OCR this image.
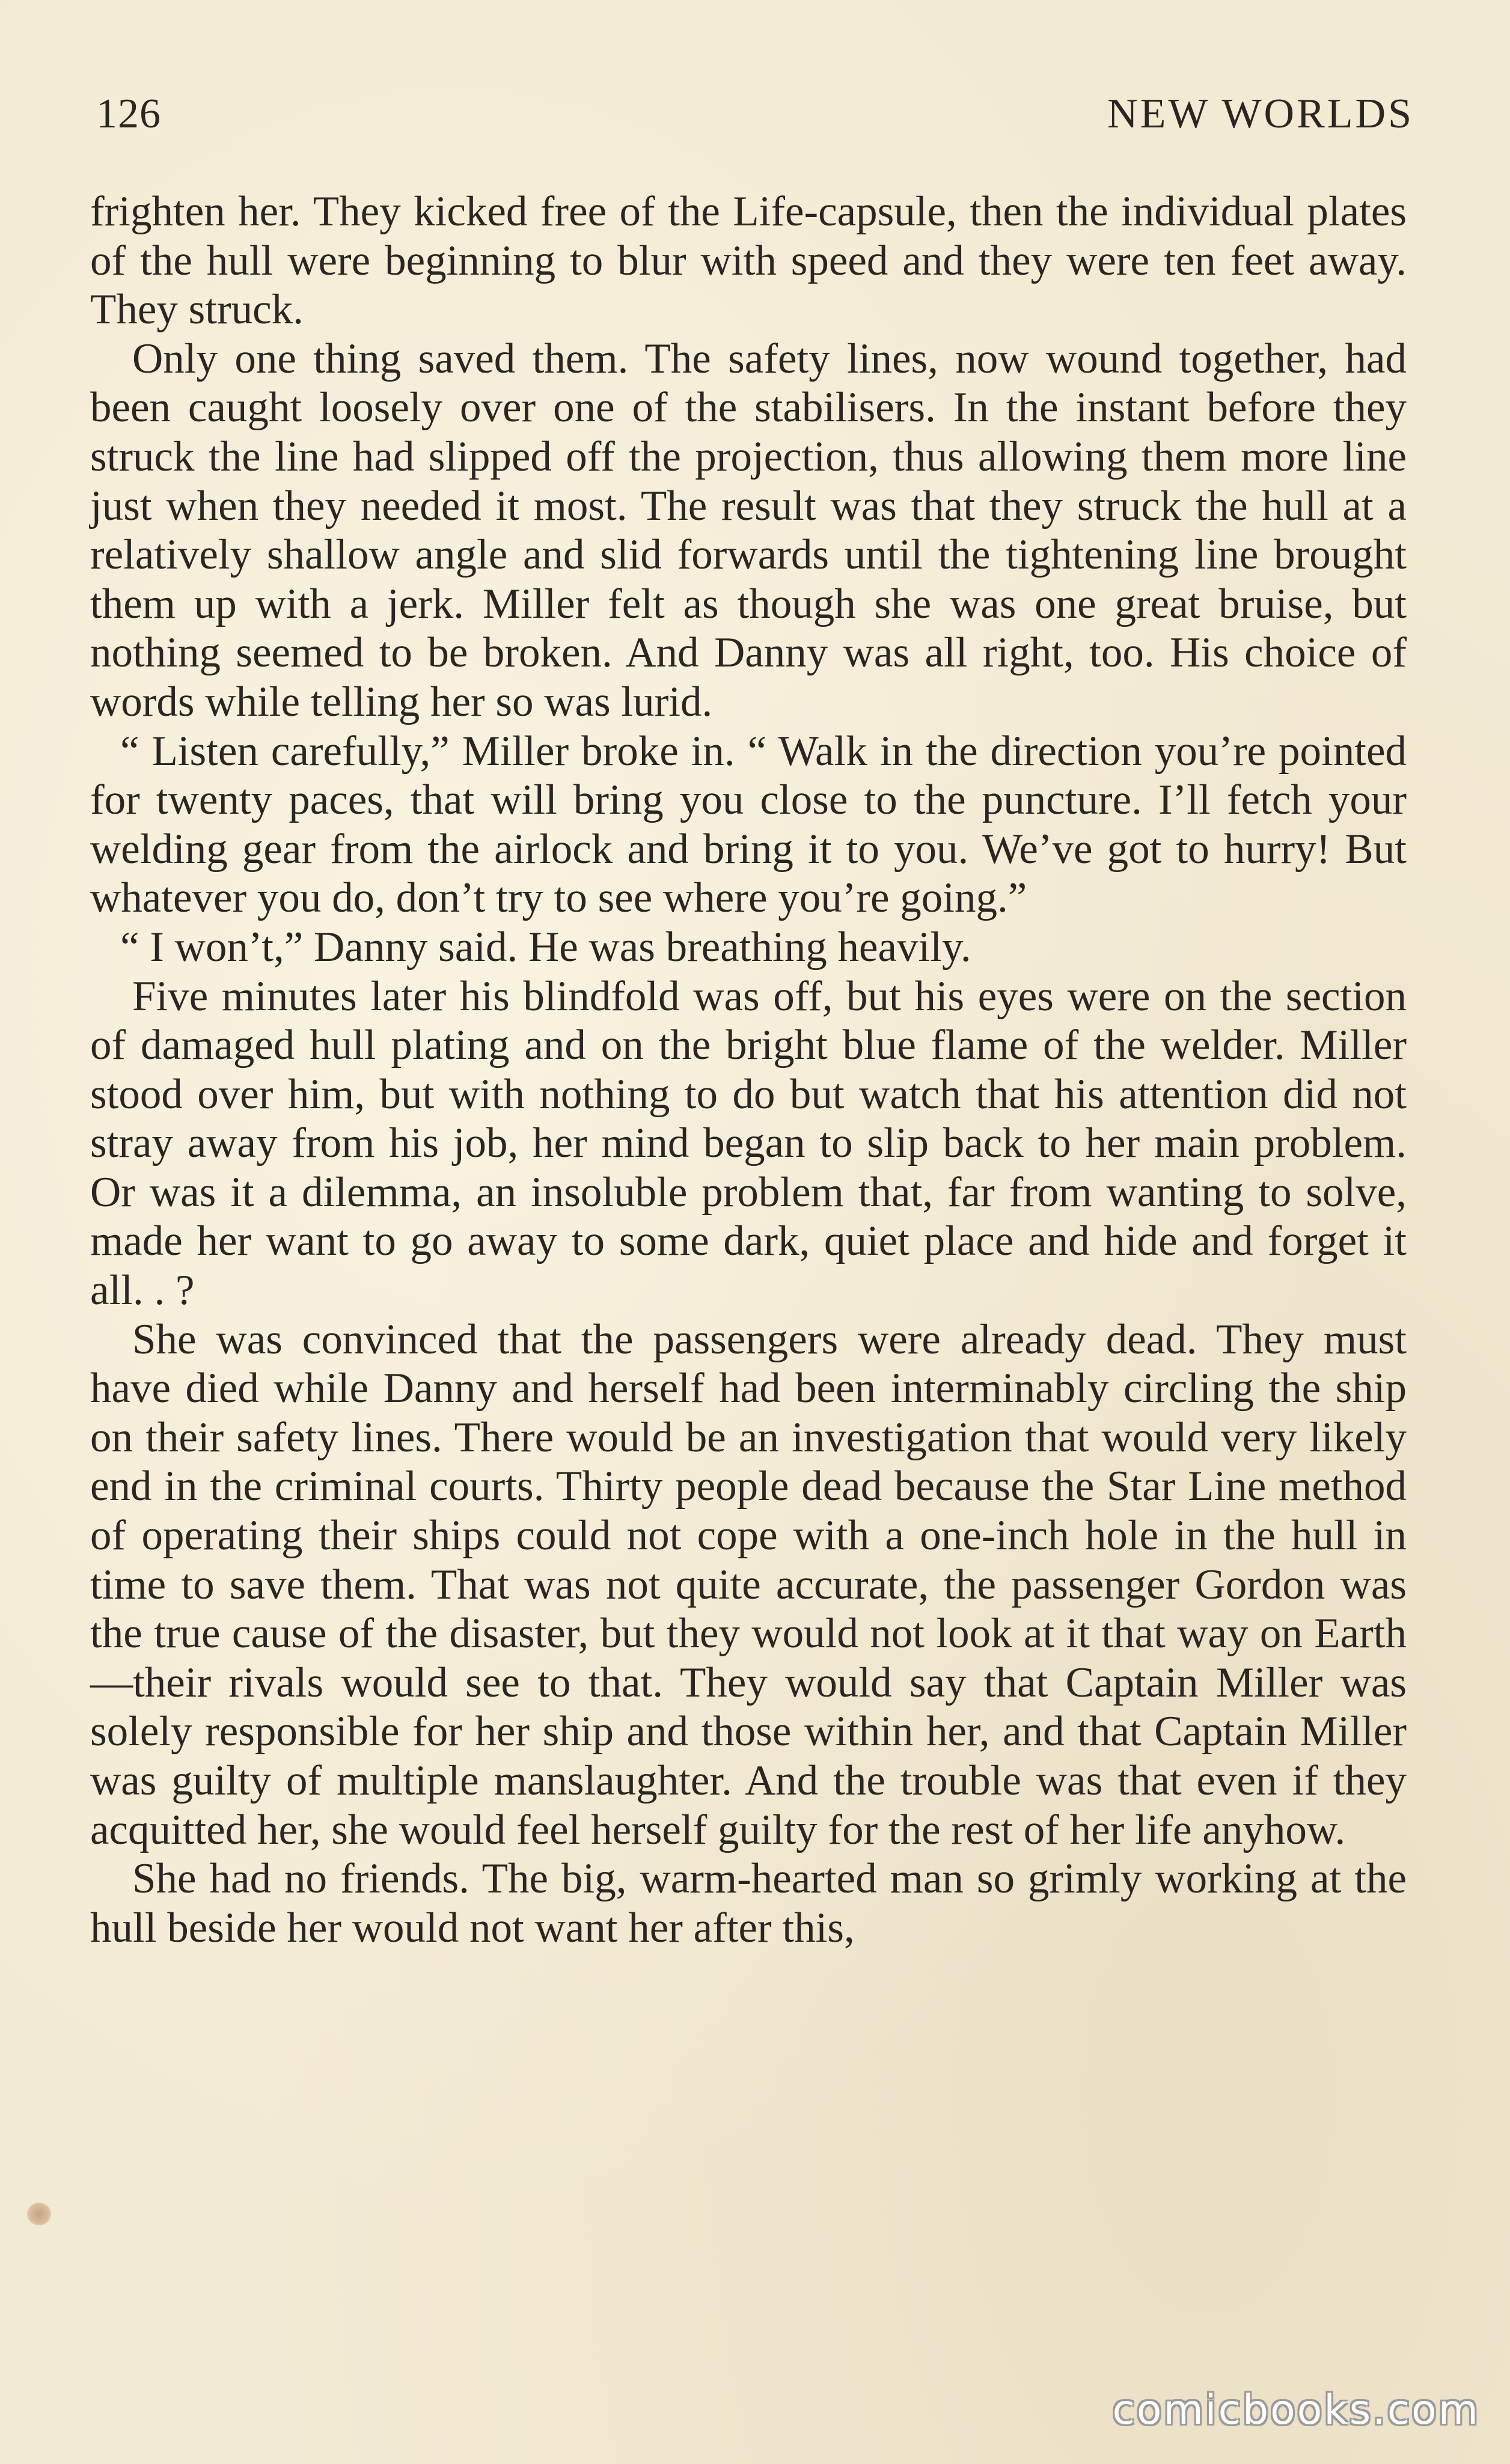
126	NEW WORLDS

frighten her. They kicked free of the Life-capsule, then the individual plates of the hull were beginning to blur with speed and they were ten feet away. They struck.

Only one thing saved them. The safety lines, now wound together, had been caught loosely over one of the stabilisers. In the instant before they struck the line had slipped off the projection, thus allowing them more line just when they needed it most. The result was that they struck the hull at a relatively shallow angle and slid forwards until the tightening line brought them up with a jerk. Miller felt as though she was one great bruise, but nothing seemed to be broken. And Danny was all right, too. His choice of words while telling her so was lurid.

“ Listen carefully,” Miller broke in. “ Walk in the direction you’re pointed for twenty paces, that will bring you close to the puncture. I’ll fetch your welding gear from the airlock and bring it to you. We’ve got to hurry! But whatever you do, don’t try to see where you’re going.”

“ I won’t,” Danny said. He was breathing heavily.

Five minutes later his blindfold was off, but his eyes were on the section of damaged hull plating and on the bright blue flame of the welder. Miller stood over him, but with nothing to do but watch that his attention did not stray away from his job, her mind began to slip back to her main problem. Or was it a dilemma, an insoluble problem that, far from wanting to solve, made her want to go away to some dark, quiet place and hide and forget it all. . ?

She was convinced that the passengers were already dead. They must have died while Danny and herself had been interminably circling the ship on their safety lines. There would be an investigation that would very likely end in the criminal courts. Thirty people dead because the Star Line method of operating their ships could not cope with a one-inch hole in the hull in time to save them. That was not quite accurate, the passenger Gordon was the true cause of the disaster, but they would not look at it that way on Earth—their rivals would see to that. They would say that Captain Miller was solely responsible for her ship and those within her, and that Captain Miller was guilty of multiple manslaughter. And the trouble was that even if they acquitted her, she would feel herself guilty for the rest of her life anyhow.

She had no friends. The big, warm-hearted man so grimly working at the hull beside her would not want her after this,

comicbooks.com
